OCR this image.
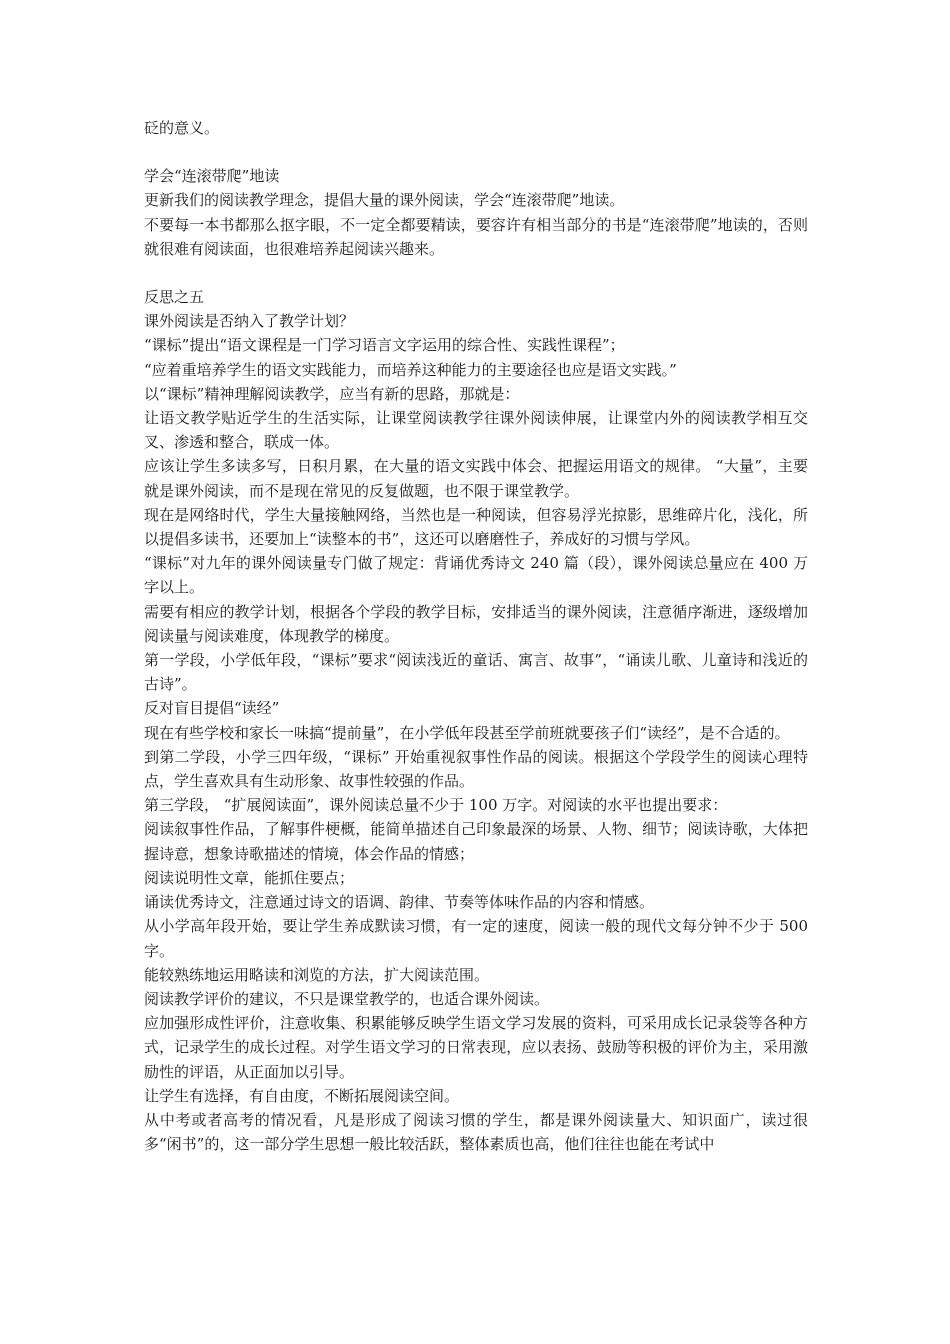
砭的意义。

学会“连滚带爬”地读

更新我们的阅读教学理念，提倡大量的课外阅读，学会“连滚带爬”地读。

不要每一本书都那么抠字眼，不一定全都要精读，要容许有相当部分的书是“连滚带爬”地读的，否则就很难有阅读面，也很难培养起阅读兴趣来。

反思之五

课外阅读是否纳入了教学计划？

“课标”提出“语文课程是一门学习语言文字运用的综合性、实践性课程”；

“应着重培养学生的语文实践能力，而培养这种能力的主要途径也应是语文实践。”

以“课标”精神理解阅读教学，应当有新的思路，那就是：

让语文教学贴近学生的生活实际，让课堂阅读教学往课外阅读伸展，让课堂内外的阅读教学相互交叉、渗透和整合，联成一体。

应该让学生多读多写，日积月累，在大量的语文实践中体会、把握运用语文的规律。 “大量”，主要就是课外阅读，而不是现在常见的反复做题，也不限于课堂教学。

现在是网络时代，学生大量接触网络，当然也是一种阅读，但容易浮光掠影，思维碎片化，浅化，所以提倡多读书，还要加上“读整本的书”，这还可以磨磨性子，养成好的习惯与学风。

“课标”对九年的课外阅读量专门做了规定：背诵优秀诗文 240 篇（段），课外阅读总量应在 400 万字以上。

需要有相应的教学计划，根据各个学段的教学目标，安排适当的课外阅读，注意循序渐进，逐级增加阅读量与阅读难度，体现教学的梯度。

第一学段，小学低年段，“课标”要求“阅读浅近的童话、寓言、故事”，“诵读儿歌、儿童诗和浅近的古诗”。

反对盲目提倡“读经”

现在有些学校和家长一味搞“提前量”，在小学低年段甚至学前班就要孩子们“读经”，是不合适的。

到第二学段，小学三四年级，“课标” 开始重视叙事性作品的阅读。根据这个学段学生的阅读心理特点，学生喜欢具有生动形象、故事性较强的作品。

第三学段， “扩展阅读面”，课外阅读总量不少于 100 万字。对阅读的水平也提出要求：

阅读叙事性作品，了解事件梗概，能简单描述自己印象最深的场景、人物、细节；阅读诗歌，大体把握诗意，想象诗歌描述的情境，体会作品的情感；

阅读说明性文章，能抓住要点；

诵读优秀诗文，注意通过诗文的语调、韵律、节奏等体味作品的内容和情感。

从小学高年段开始，要让学生养成默读习惯，有一定的速度，阅读一般的现代文每分钟不少于 500 字。

能较熟练地运用略读和浏览的方法，扩大阅读范围。

阅读教学评价的建议，不只是课堂教学的，也适合课外阅读。

应加强形成性评价，注意收集、积累能够反映学生语文学习发展的资料，可采用成长记录袋等各种方式，记录学生的成长过程。对学生语文学习的日常表现，应以表扬、鼓励等积极的评价为主，采用激励性的评语，从正面加以引导。

让学生有选择，有自由度，不断拓展阅读空间。

从中考或者高考的情况看，凡是形成了阅读习惯的学生，都是课外阅读量大、知识面广，读过很多“闲书”的，这一部分学生思想一般比较活跃，整体素质也高，他们往往也能在考试中
